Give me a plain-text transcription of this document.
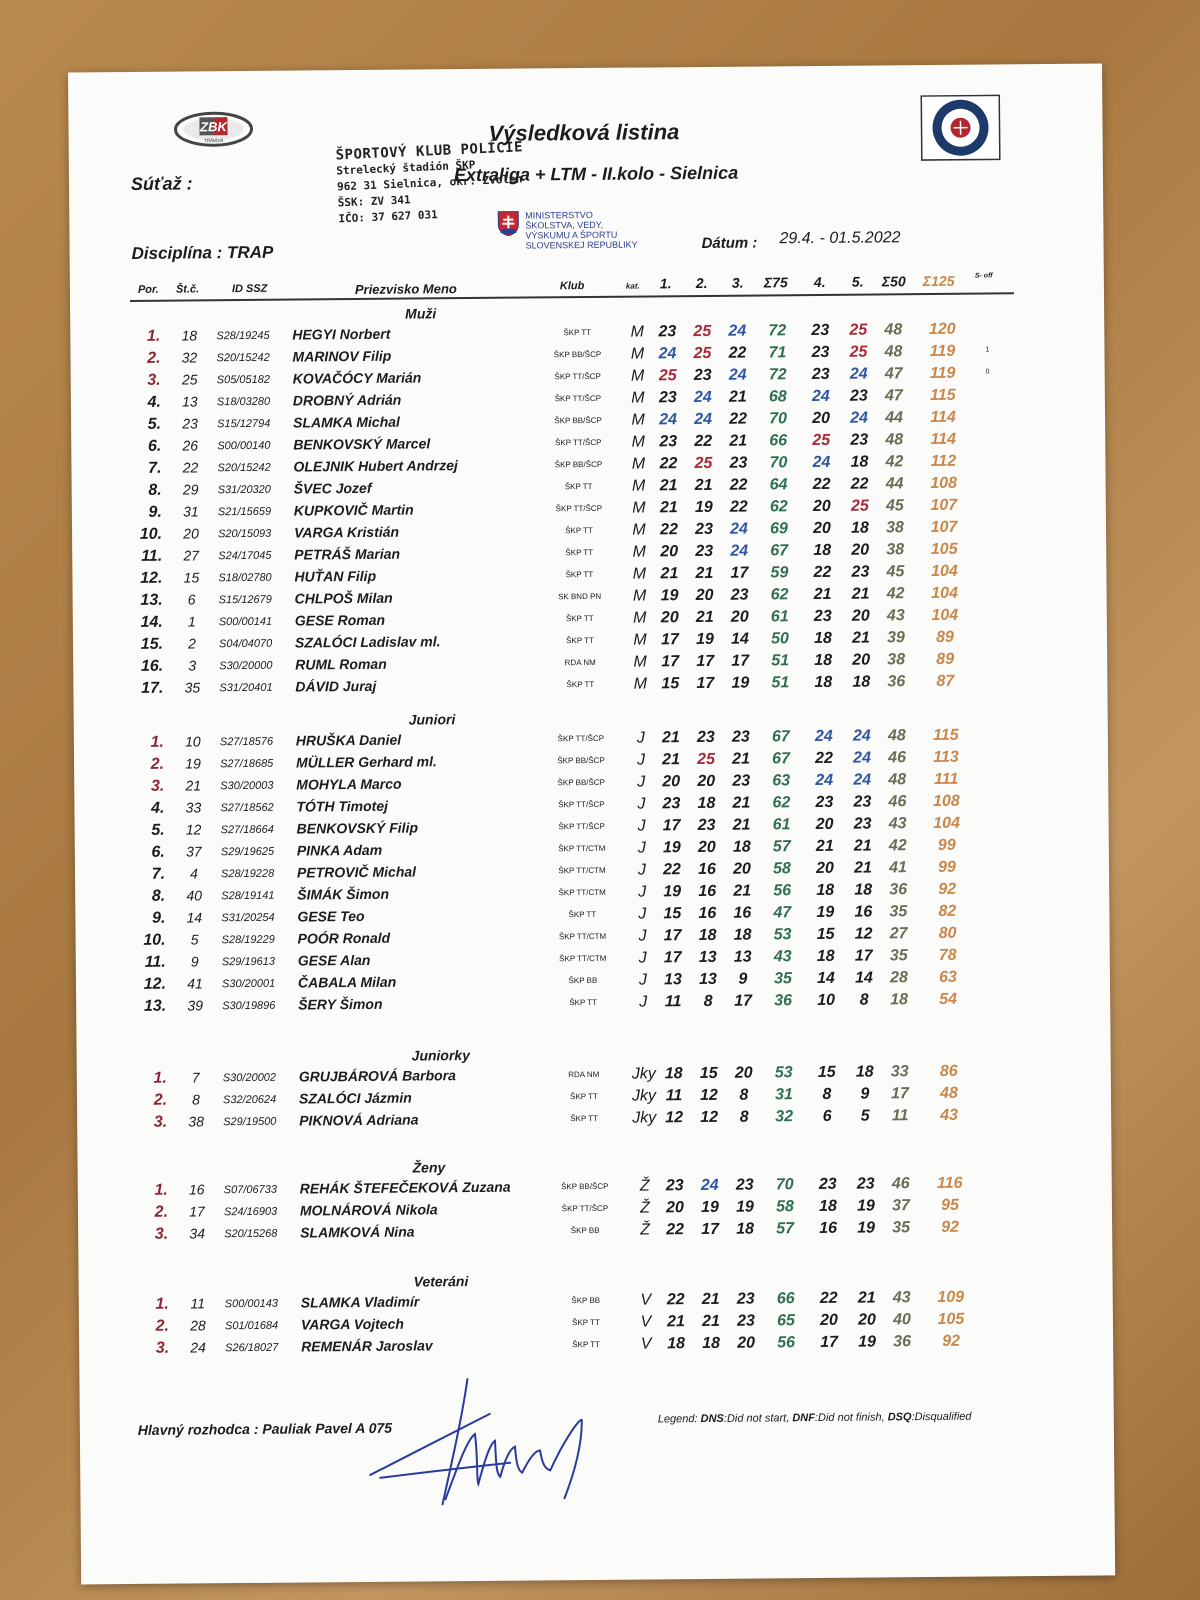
ZBK
TRNAVA	Výsledková listina
Súťaž :	Extraliga + LTM - II.kolo - Sielnica
ŠPORTOVÝ KLUB POLÍCIE
Strelecký štadión ŠKP
962 31 Sielnica, okr. Zvolen
ŠSK: ZV 341
IČO: 37 627 031	MINISTERSTVO
ŠKOLSTVA, VEDY,
VÝSKUMU A ŠPORTU
SLOVENSKEJ REPUBLIKY
Disciplína : TRAP	Dátum : 29.4. - 01.5.2022
Por. Št.č.	ID SSZ	Priezvisko Meno	Klub	kat. 1. 2. 3. Σ75 4. 5. Σ50 Σ125	S- off
Muži
1.	18	S28/19245 HEGYI Norbert	ŠKP TT	M 23	25	24	72	23	25	48	120
2.	32	S20/15242 MARINOV Filip	ŠKP BB/ŠCP	M 24	25	22	71	23	25	48	119	1
3.	25	S05/05182 KOVAČÓCY Marián	ŠKP TT/ŠCP	M 25	23	24	72	23	24	47	119	0
4.	13	S18/03280 DROBNÝ Adrián	ŠKP TT/ŠCP	M 23	24	21	68	24	23	47	115
5.	23	S15/12794 SLAMKA Michal	ŠKP BB/ŠCP	M 24	24	22	70	20	24	44	114
6.	26	S00/00140 BENKOVSKÝ Marcel	ŠKP TT/ŠCP	M 23	22	21	66	25	23	48	114
7.	22	S20/15242 OLEJNIK Hubert Andrzej	ŠKP BB/ŠCP	M 22	25	23	70	24	18	42	112
8.	29	S31/20320 ŠVEC Jozef	ŠKP TT	M 21	21	22	64	22	22	44	108
9.	31	S21/15659 KUPKOVIČ Martin	ŠKP TT/ŠCP	M 21	19	22	62	20	25	45	107
10.	20	S20/15093 VARGA Kristián	ŠKP TT	M 22	23	24	69	20	18	38	107
11.	27	S24/17045 PETRÁŠ Marian	ŠKP TT	M 20	23	24	67	18	20	38	105
12.	15	S18/02780 HUŤAN Filip	ŠKP TT	M 21	21	17	59	22	23	45	104
13.	6	S15/12679 CHLPOŠ Milan	SK BND PN	M 19	20	23	62	21	21	42	104
14.	1	S00/00141 GESE Roman	ŠKP TT	M 20	21	20	61	23	20	43	104
15.	2	S04/04070 SZALÓCI Ladislav ml.	ŠKP TT	M 17	19	14	50	18	21	39	89
16.	3	S30/20000 RUML Roman	RDA NM	M 17	17	17	51	18	20	38	89
17.	35	S31/20401 DÁVID Juraj	ŠKP TT	M 15	17	19	51	18	18	36	87
Juniori
1.	10	S27/18576 HRUŠKA Daniel	ŠKP TT/ŠCP	J	21	23	23	67	24	24	48	115
2.	19	S27/18685 MÜLLER Gerhard ml.	ŠKP BB/ŠCP	J	21	25	21	67	22	24	46	113
3.	21	S30/20003 MOHYLA Marco	ŠKP BB/ŠCP	J	20	20	23	63	24	24	48	111
4.	33	S27/18562 TÓTH Timotej	ŠKP TT/ŠCP	J	23	18	21	62	23	23	46	108
5.	12	S27/18664 BENKOVSKÝ Filip	ŠKP TT/ŠCP	J	17	23	21	61	20	23	43	104
6.	37	S29/19625 PINKA Adam	ŠKP TT/CTM	J	19	20	18	57	21	21	42	99
7.	4	S28/19228 PETROVIČ Michal	ŠKP TT/CTM	J	22	16	20	58	20	21	41	99
8.	40	S28/19141 ŠIMÁK Šimon	ŠKP TT/CTM	J	19	16	21	56	18	18	36	92
9.	14	S31/20254 GESE Teo	ŠKP TT	J	15	16	16	47	19	16	35	82
10.	5	S28/19229 POÓR Ronald	ŠKP TT/CTM	J	17	18	18	53	15	12	27	80
11.	9	S29/19613 GESE Alan	ŠKP TT/CTM	J	17	13	13	43	18	17	35	78
12.	41	S30/20001 ČABALA Milan	ŠKP BB	J	13	13	9	35	14	14	28	63
13.	39	S30/19896 ŠERY Šimon	ŠKP TT	J	11	8	17	36	10	8	18	54
Juniorky
1.	7	S30/20002 GRUJBÁROVÁ Barbora	RDA NM	Jky 18	15	20	53	15	18	33	86
2.	8	S32/20624 SZALÓCI Jázmin	ŠKP TT	Jky 11	12	8	31	8	9	17	48
3.	38	S29/19500 PIKNOVÁ Adriana	ŠKP TT	Jky 12	12	8	32	6	5	11	43
Ženy
1.	16	S07/06733 REHÁK ŠTEFEČEKOVÁ Zuzana	ŠKP BB/ŠCP	Ž	23	24	23	70	23	23	46	116
2.	17	S24/16903 MOLNÁROVÁ Nikola	ŠKP TT/ŠCP	Ž	20	19	19	58	18	19	37	95
3.	34	S20/15268 SLAMKOVÁ Nina	ŠKP BB	Ž	22	17	18	57	16	19	35	92
Veteráni
1.	11	S00/00143 SLAMKA Vladimír	ŠKP BB	V 22	21	23	66	22	21	43	109
2.	28	S01/01684 VARGA Vojtech	ŠKP TT	V 21	21	23	65	20	20	40	105
3.	24	S26/18027 REMENÁR Jaroslav	ŠKP TT	V 18	18	20	56	17	19	36	92
Hlavný rozhodca : Pauliak Pavel A 075
Legend: DNS:Did not start, DNF:Did not finish, DSQ:Disqualified
